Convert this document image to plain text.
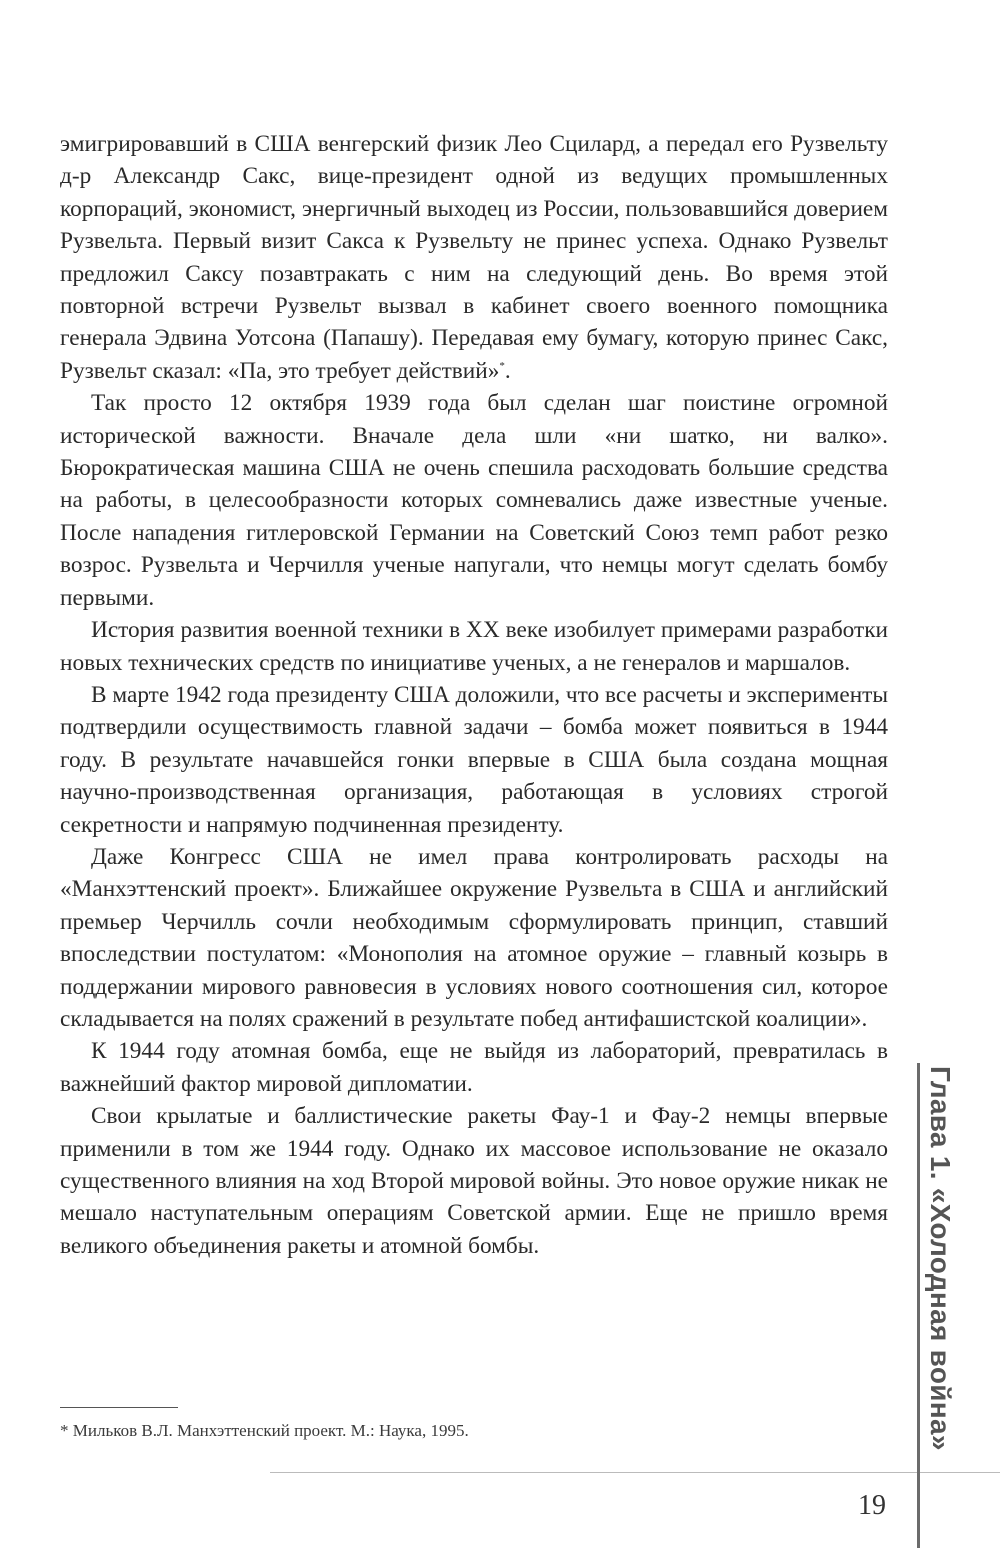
эмигрировавший в США венгерский физик Лео Сцилард, а передал его Рузвельту д-р Александр Сакс, вице-президент одной из ведущих промышленных корпораций, экономист, энергичный выходец из России, пользовавшийся доверием Рузвельта. Первый визит Сакса к Рузвельту не принес успеха. Однако Рузвельт предложил Саксу позавтракать с ним на следующий день. Во время этой повторной встречи Рузвельт вызвал в кабинет своего военного помощника генерала Эдвина Уотсона (Папашу). Передавая ему бумагу, которую принес Сакс, Рузвельт сказал: «Па, это требует действий»*.

Так просто 12 октября 1939 года был сделан шаг поистине огромной исторической важности. Вначале дела шли «ни шатко, ни валко». Бюрократическая машина США не очень спешила расходовать большие средства на работы, в целесообразности которых сомневались даже известные ученые. После нападения гитлеровской Германии на Советский Союз темп работ резко возрос. Рузвельта и Черчилля ученые напугали, что немцы могут сделать бомбу первыми.

История развития военной техники в XX веке изобилует примерами разработки новых технических средств по инициативе ученых, а не генералов и маршалов.

В марте 1942 года президенту США доложили, что все расчеты и эксперименты подтвердили осуществимость главной задачи – бомба может появиться в 1944 году. В результате начавшейся гонки впервые в США была создана мощная научно-производственная организация, работающая в условиях строгой секретности и напрямую подчиненная президенту.

Даже Конгресс США не имел права контролировать расходы на «Манхэттенский проект». Ближайшее окружение Рузвельта в США и английский премьер Черчилль сочли необходимым сформулировать принцип, ставший впоследствии постулатом: «Монополия на атомное оружие – главный козырь в поддержании мирового равновесия в условиях нового соотношения сил, которое складывается на полях сражений в результате побед антифашистской коалиции».

К 1944 году атомная бомба, еще не выйдя из лабораторий, превратилась в важнейший фактор мировой дипломатии.

Свои крылатые и баллистические ракеты Фау-1 и Фау-2 немцы впервые применили в том же 1944 году. Однако их массовое использование не оказало существенного влияния на ход Второй мировой войны. Это новое оружие никак не мешало наступательным операциям Советской армии. Еще не пришло время великого объединения ракеты и атомной бомбы.

* Мильков В.Л. Манхэттенский проект. М.: Наука, 1995.	Глава 1. «Холодная война»
19
